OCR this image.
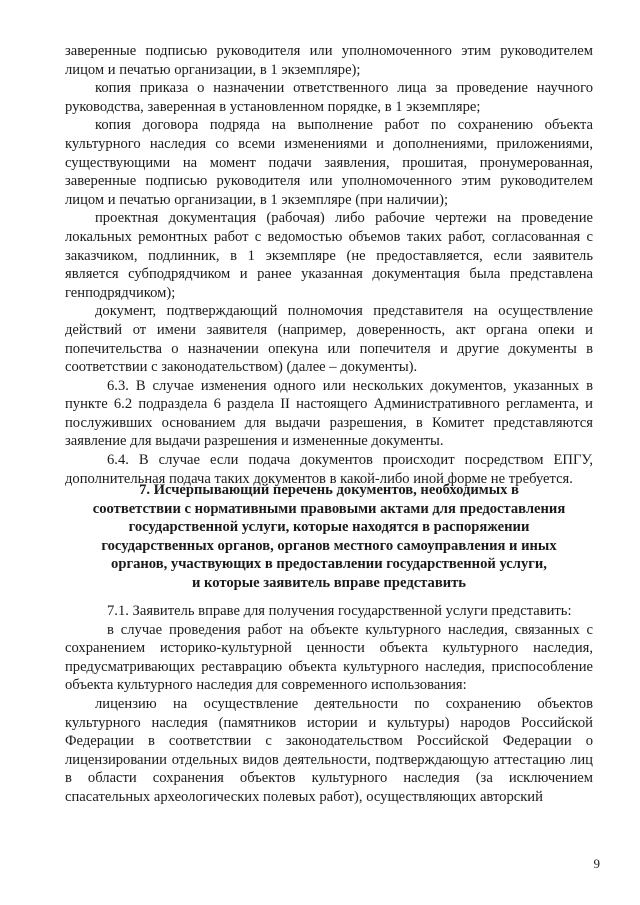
заверенные подписью руководителя или уполномоченного этим руководителем лицом и печатью организации, в 1 экземпляре);

копия приказа о назначении ответственного лица за проведение научного руководства, заверенная в установленном порядке, в 1 экземпляре;

копия договора подряда на выполнение работ по сохранению объекта культурного наследия со всеми изменениями и дополнениями, приложениями, существующими на момент подачи заявления, прошитая, пронумерованная, заверенные подписью руководителя или уполномоченного этим руководителем лицом и печатью организации, в 1 экземпляре (при наличии);

проектная документация (рабочая) либо рабочие чертежи на проведение локальных ремонтных работ с ведомостью объемов таких работ, согласованная с заказчиком, подлинник, в 1 экземпляре (не предоставляется, если заявитель является субподрядчиком и ранее указанная документация была представлена генподрядчиком);

документ, подтверждающий полномочия представителя на осуществление действий от имени заявителя (например, доверенность, акт органа опеки и попечительства о назначении опекуна или попечителя и другие документы в соответствии с законодательством) (далее – документы).

6.3. В случае изменения одного или нескольких документов, указанных в пункте 6.2 подраздела 6 раздела II настоящего Административного регламента, и послуживших основанием для выдачи разрешения, в Комитет представляются заявление для выдачи разрешения и измененные документы.

6.4. В случае если подача документов происходит посредством ЕПГУ, дополнительная подача таких документов в какой-либо иной форме не требуется.

7. Исчерпывающий перечень документов, необходимых в
соответствии с нормативными правовыми актами для предоставления
государственной услуги, которые находятся в распоряжении
государственных органов, органов местного самоуправления и иных
органов, участвующих в предоставлении государственной услуги,
и которые заявитель вправе представить

7.1. Заявитель вправе для получения государственной услуги представить:

в случае проведения работ на объекте культурного наследия, связанных с сохранением историко-культурной ценности объекта культурного наследия, предусматривающих реставрацию объекта культурного наследия, приспособление объекта культурного наследия для современного использования:

лицензию на осуществление деятельности по сохранению объектов культурного наследия (памятников истории и культуры) народов Российской Федерации в соответствии с законодательством Российской Федерации о лицензировании отдельных видов деятельности, подтверждающую аттестацию лиц в области сохранения объектов культурного наследия (за исключением спасательных археологических полевых работ), осуществляющих авторский

9
